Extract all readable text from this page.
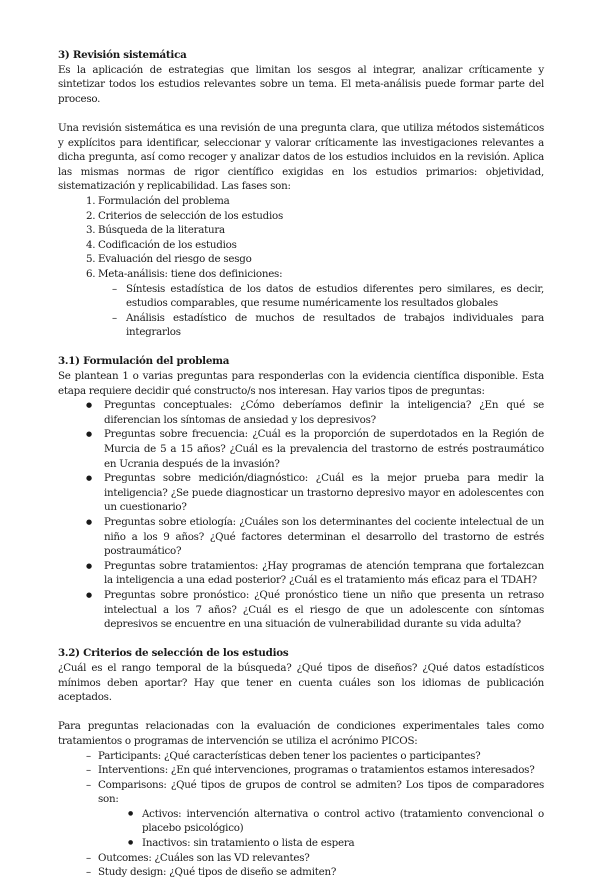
3) Revisión sistemática

Es la aplicación de estrategias que limitan los sesgos al integrar, analizar críticamente y sintetizar todos los estudios relevantes sobre un tema. El meta-análisis puede formar parte del proceso.

Una revisión sistemática es una revisión de una pregunta clara, que utiliza métodos sistemáticos y explícitos para identificar, seleccionar y valorar críticamente las investigaciones relevantes a dicha pregunta, así como recoger y analizar datos de los estudios incluidos en la revisión. Aplica las mismas normas de rigor científico exigidas en los estudios primarios: objetividad, sistematización y replicabilidad. Las fases son:

1. Formulación del problema
2. Criterios de selección de los estudios
3. Búsqueda de la literatura
4. Codificación de los estudios
5. Evaluación del riesgo de sesgo
6. Meta-análisis: tiene dos definiciones:
– Síntesis estadística de los datos de estudios diferentes pero similares, es decir, estudios comparables, que resume numéricamente los resultados globales
– Análisis estadístico de muchos de resultados de trabajos individuales para integrarlos

3.1) Formulación del problema

Se plantean 1 o varias preguntas para responderlas con la evidencia científica disponible. Esta etapa requiere decidir qué constructo/s nos interesan. Hay varios tipos de preguntas:

● Preguntas conceptuales: ¿Cómo deberíamos definir la inteligencia? ¿En qué se diferencian los síntomas de ansiedad y los depresivos?
● Preguntas sobre frecuencia: ¿Cuál es la proporción de superdotados en la Región de Murcia de 5 a 15 años? ¿Cuál es la prevalencia del trastorno de estrés postraumático en Ucrania después de la invasión?
● Preguntas sobre medición/diagnóstico: ¿Cuál es la mejor prueba para medir la inteligencia? ¿Se puede diagnosticar un trastorno depresivo mayor en adolescentes con un cuestionario?
● Preguntas sobre etiología: ¿Cuáles son los determinantes del cociente intelectual de un niño a los 9 años? ¿Qué factores determinan el desarrollo del trastorno de estrés postraumático?
● Preguntas sobre tratamientos: ¿Hay programas de atención temprana que fortalezcan la inteligencia a una edad posterior? ¿Cuál es el tratamiento más eficaz para el TDAH?
● Preguntas sobre pronóstico: ¿Qué pronóstico tiene un niño que presenta un retraso intelectual a los 7 años? ¿Cuál es el riesgo de que un adolescente con síntomas depresivos se encuentre en una situación de vulnerabilidad durante su vida adulta?

3.2) Criterios de selección de los estudios

¿Cuál es el rango temporal de la búsqueda? ¿Qué tipos de diseños? ¿Qué datos estadísticos mínimos deben aportar? Hay que tener en cuenta cuáles son los idiomas de publicación aceptados.

Para preguntas relacionadas con la evaluación de condiciones experimentales tales como tratamientos o programas de intervención se utiliza el acrónimo PICOS:

– Participants: ¿Qué características deben tener los pacientes o participantes?
– Interventions: ¿En qué intervenciones, programas o tratamientos estamos interesados?
– Comparisons: ¿Qué tipos de grupos de control se admiten? Los tipos de comparadores son:
● Activos: intervención alternativa o control activo (tratamiento convencional o placebo psicológico)
● Inactivos: sin tratamiento o lista de espera
– Outcomes: ¿Cuáles son las VD relevantes?
– Study design: ¿Qué tipos de diseño se admiten?
